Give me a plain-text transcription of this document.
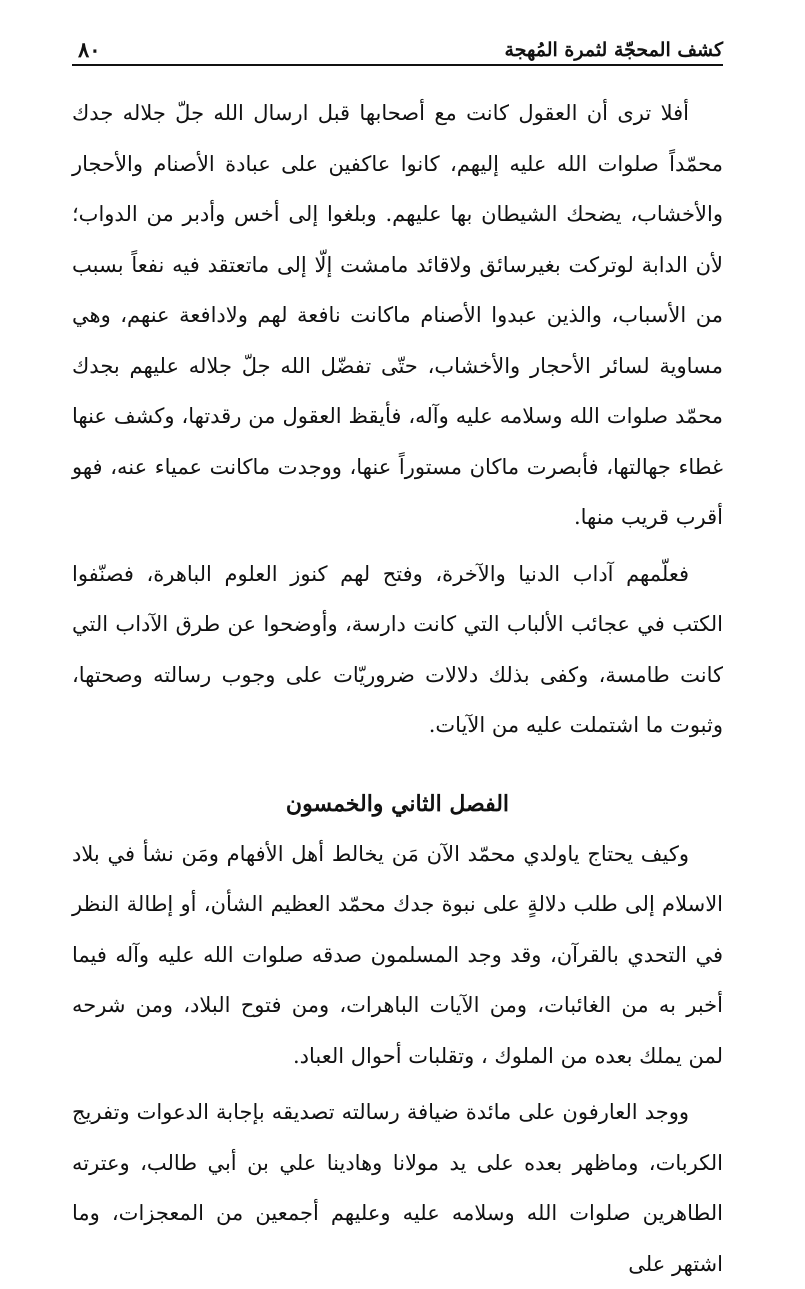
كشف المحجّة لثمرة المُهجة
٨٠

أفلا ترى أن العقول كانت مع أصحابها قبل ارسال الله جلّ جلاله جدك محمّداً صلوات الله عليه إليهم، كانوا عاكفين على عبادة الأصنام والأحجار والأخشاب، يضحك الشيطان بها عليهم. وبلغوا إلى أخس وأدبر من الدواب؛ لأن الدابة لوتركت بغيرسائق ولاقائد مامشت إلّا إلى ماتعتقد فيه نفعاً بسبب من الأسباب، والذين عبدوا الأصنام ماكانت نافعة لهم ولادافعة عنهم، وهي مساوية لسائر الأحجار والأخشاب، حتّى تفضّل الله جلّ جلاله عليهم بجدك محمّد صلوات الله وسلامه عليه وآله، فأيقظ العقول من رقدتها، وكشف عنها غطاء جهالتها، فأبصرت ماكان مستوراً عنها، ووجدت ماكانت عمياء عنه، فهو أقرب قريب منها.

فعلّمهم آداب الدنيا والآخرة، وفتح لهم كنوز العلوم الباهرة، فصنّفوا الكتب في عجائب الألباب التي كانت دارسة، وأوضحوا عن طرق الآداب التي كانت طامسة، وكفى بذلك دلالات ضروريّات على وجوب رسالته وصحتها، وثبوت ما اشتملت عليه من الآيات.

الفصل الثاني والخمسون

وكيف يحتاج ياولدي محمّد الآن مَن يخالط أهل الأفهام ومَن نشأ في بلاد الاسلام إلى طلب دلالةٍ على نبوة جدك محمّد العظيم الشأن، أو إطالة النظر في التحدي بالقرآن، وقد وجد المسلمون صدقه صلوات الله عليه وآله فيما أخبر به من الغائبات، ومن الآيات الباهرات، ومن فتوح البلاد، ومن شرحه لمن يملك بعده من الملوك ، وتقلبات أحوال العباد.

ووجد العارفون على مائدة ضيافة رسالته تصديقه بإجابة الدعوات وتفريج الكربات، وماظهر بعده على يد مولانا وهادينا علي بن أبي طالب، وعترته الطاهرين صلوات الله وسلامه عليه وعليهم أجمعين من المعجزات، وما اشتهر على
